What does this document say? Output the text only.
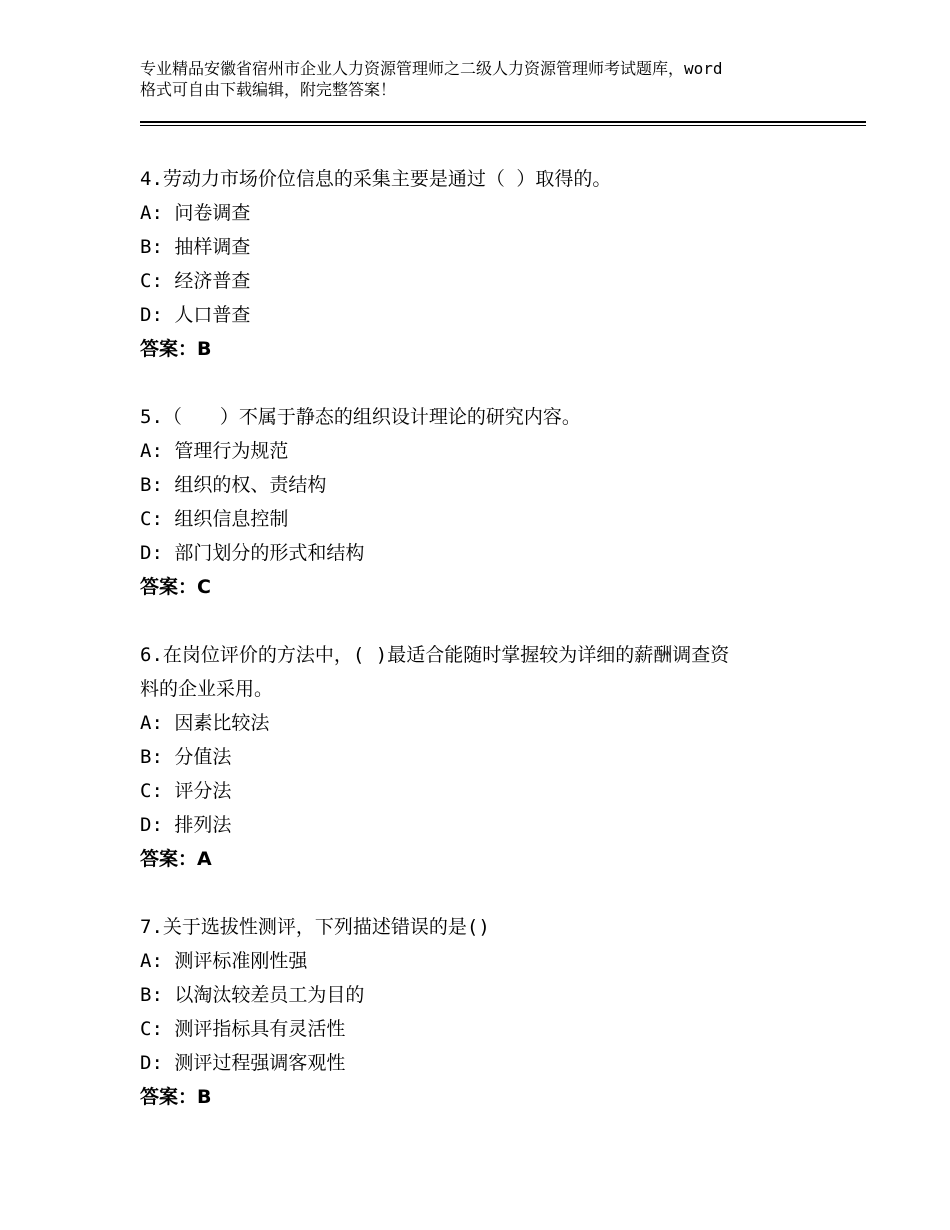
专业精品安徽省宿州市企业人力资源管理师之二级人力资源管理师考试题库，word
格式可自由下载编辑，附完整答案！
4.劳动力市场价位信息的采集主要是通过（ ）取得的。
A: 问卷调查
B: 抽样调查
C: 经济普查
D: 人口普查
答案：B
5.（　　）不属于静态的组织设计理论的研究内容。
A: 管理行为规范
B: 组织的权、责结构
C: 组织信息控制
D: 部门划分的形式和结构
答案：C
6.在岗位评价的方法中，( )最适合能随时掌握较为详细的薪酬调查资
料的企业采用。
A: 因素比较法
B: 分值法
C: 评分法
D: 排列法
答案：A
7.关于选拔性测评，下列描述错误的是()
A: 测评标准刚性强
B: 以淘汰较差员工为目的
C: 测评指标具有灵活性
D: 测评过程强调客观性
答案：B
